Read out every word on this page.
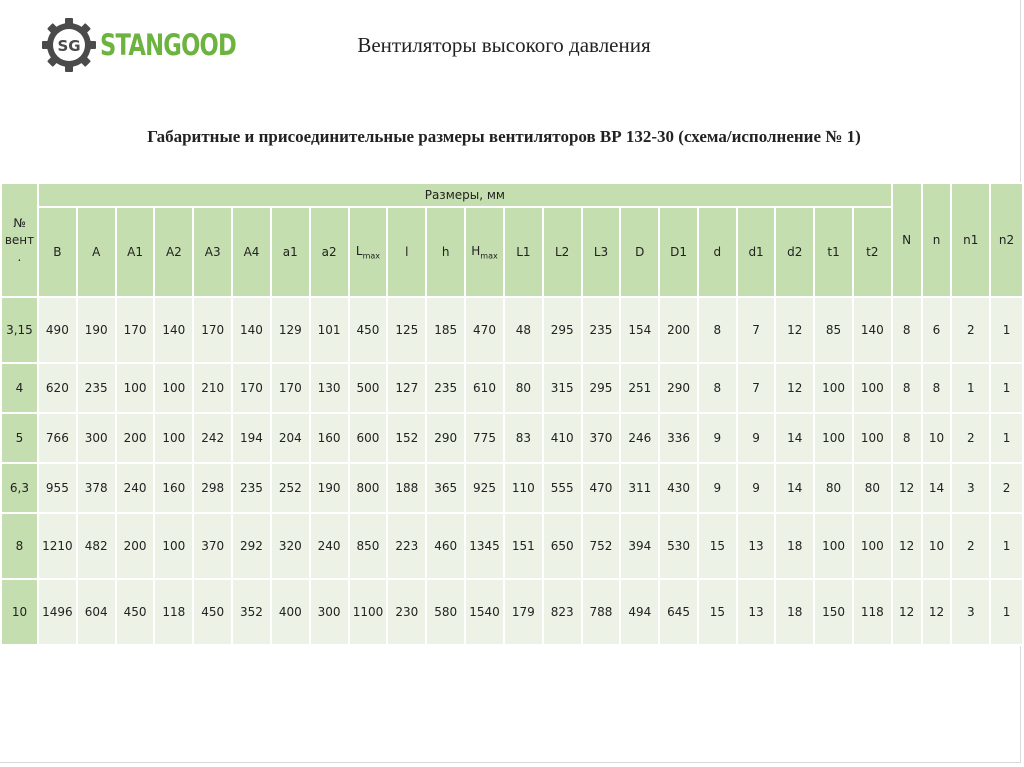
SG STANGOOD	Вентиляторы высокого давления
Габаритные и присоединительные размеры вентиляторов ВР 132-30 (схема/исполнение № 1)
№ вент .	Размеры, мм																						N	n	n1	n2
	B	A	A1	A2	A3	A4	a1	a2	$L_{max}$	l	h	$H_{max}$	L1	L2	L3	D	D1	d	d1	d2	t1	t2				
3,15	490	190	170	140	170	140	129	101	450	125	185	470	48	295	235	154	200	8	7	12	85	140	8	6	2	1
4	620	235	100	100	210	170	170	130	500	127	235	610	80	315	295	251	290	8	7	12	100	100	8	8	1	1
5	766	300	200	100	242	194	204	160	600	152	290	775	83	410	370	246	336	9	9	14	100	100	8	10	2	1
6,3	955	378	240	160	298	235	252	190	800	188	365	925	110	555	470	311	430	9	9	14	80	80	12	14	3	2
8	1210	482	200	100	370	292	320	240	850	223	460	1345	151	650	752	394	530	15	13	18	100	100	12	10	2	1
10	1496	604	450	118	450	352	400	300	1100	230	580	1540	179	823	788	494	645	15	13	18	150	118	12	12	3	1
